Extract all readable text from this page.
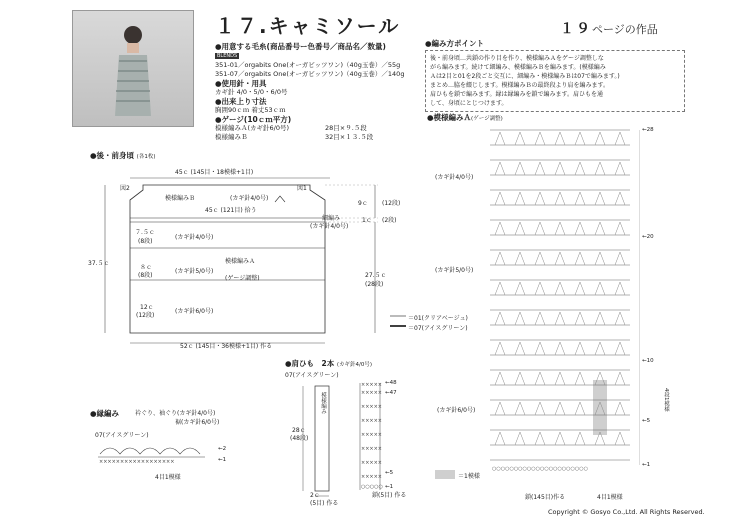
１７.キャミソール	１９ページの作品
●用意する毛糸(商品番号ー色番号／商品名／数量)
BLENDS
351-01／orgabits One(オーガビッツワン)（40g玉巻）／55g
351-07／orgabits One(オーガビッツワン)（40g玉巻）／140g
●使用針・用具
カギ針 4/0・5/0・6/0号
●出来上り寸法
胸囲90ｃｍ 着丈53ｃｍ
●ゲージ(10ｃｍ平方)
模様編みＡ(カギ針6/0号)	28目×９.５段
模様編みＢ	32目×１３.５段
●編み方ポイント
後・前身頃…共鎖の作り目を作り、模様編みＡをゲージ調整しな
がら編みます。続けて細編み、模様編みＢを編みます。(模様編み
Ａは2目と01を2段ごと交互に、細編み・模様編みＢは07で編みます。)
まとめ…脇を綴じします。模様編みＢの最終段より肩を編みます。
肩ひもを鎖で編みます。縁は縁編みを鎖で編みます。肩ひもを通
して、身頃にとじつけます。
●後・前身頃 (各1枚)
45ｃ (145目・18模様+1目)
図2	図1
模様編みＢ	(カギ針4/0号)
45ｃ (121目) 拾う
細編み
(カギ針4/0号)
７.５ｃ
(8段)
(カギ針4/0号)
模様編みＡ
８ｃ
(8段)
(カギ針5/0号)
(ゲージ調整)
12ｃ
(12段)
(カギ針6/0号)
37.５ｃ
9ｃ (12段)
1ｃ (2段)
27.５ｃ
(28段)
52ｃ (145目・36模様+1目) 作る
＝01(クリアベージュ)
＝07(アイスグリーン)
●肩ひも　 2本 (カギ針4/0号)
07(アイスグリーン)
×××××
×××××
×××××
×××××
×××××
×××××
×××××
×××××
○○○○○
模様編み
28ｃ
(48段)
2ｃ
(5目) 作る
鎖(5目) 作る
←48
←47
←5
←1
●縁編み	衿ぐり、袖ぐり(カギ針4/0号)
裾(カギ針6/0号)
07(アイスグリーン)
××××××××××××××××××
←2
←1
4目1模様
●模様編みＡ(ゲージ調整)
○○○○○○○○○○○○○○○○○○○○○○
(カギ針4/0号)
(カギ針5/0号)
(カギ針6/0号)
←28
←20
←10
←5
←1
4段1模様
鎖(145目)作る	4目1模様
＝1模様
Copyright © Gosyo Co.,Ltd. All Rights Reserved.
